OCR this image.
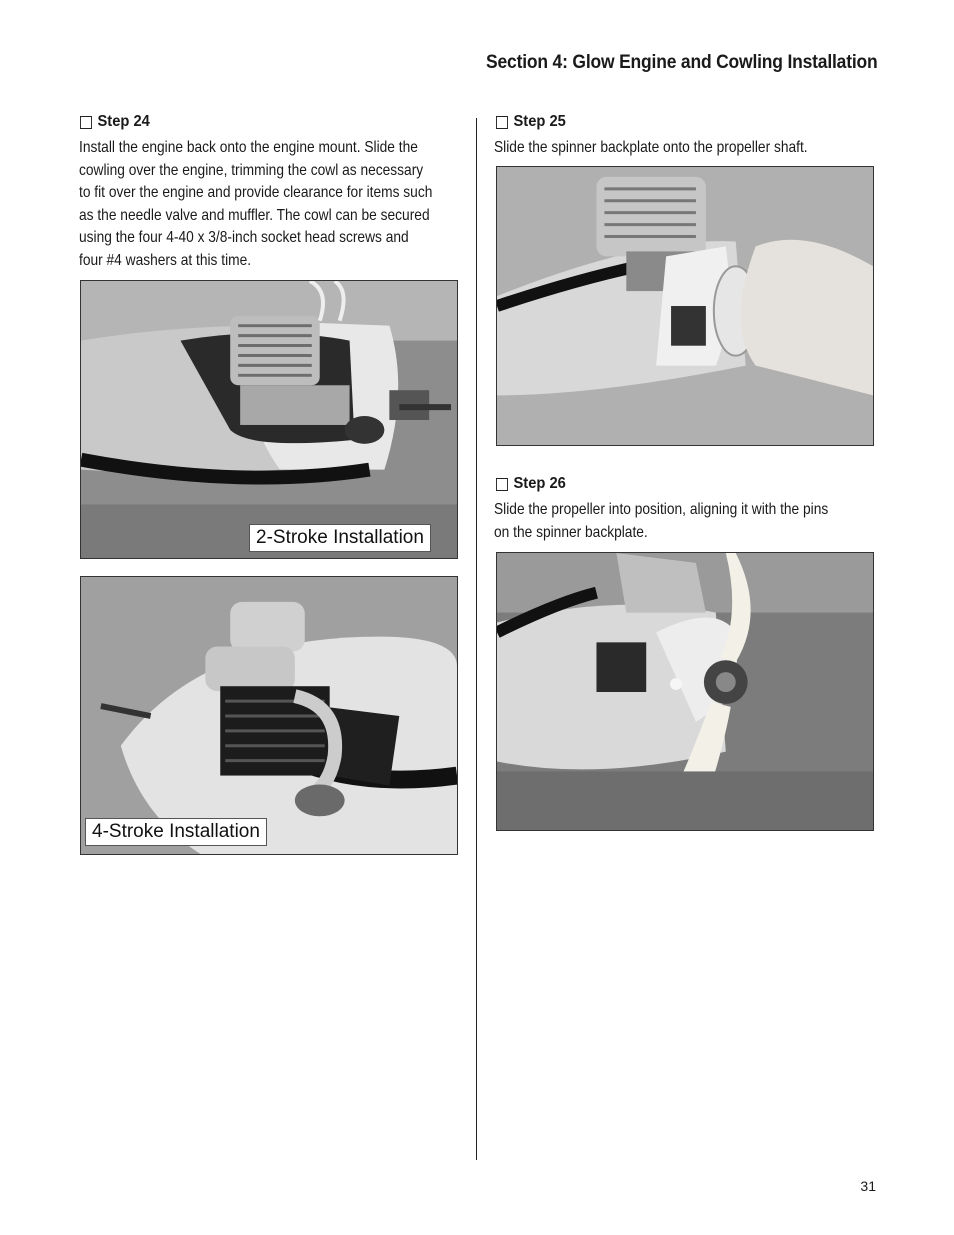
Section 4: Glow Engine and Cowling Installation
Step 24
Install the engine back onto the engine mount. Slide the
cowling over the engine, trimming the cowl as necessary
to fit over the engine and provide clearance for items such
as the needle valve and muffler. The cowl can be secured
using the four 4-40 x 3/8-inch socket head screws and
four #4 washers at this time.
2-Stroke Installation
4-Stroke Installation
Step 25
Slide the spinner backplate onto the propeller shaft.
Step 26
Slide the propeller into position, aligning it with the pins
on the spinner backplate.
31
